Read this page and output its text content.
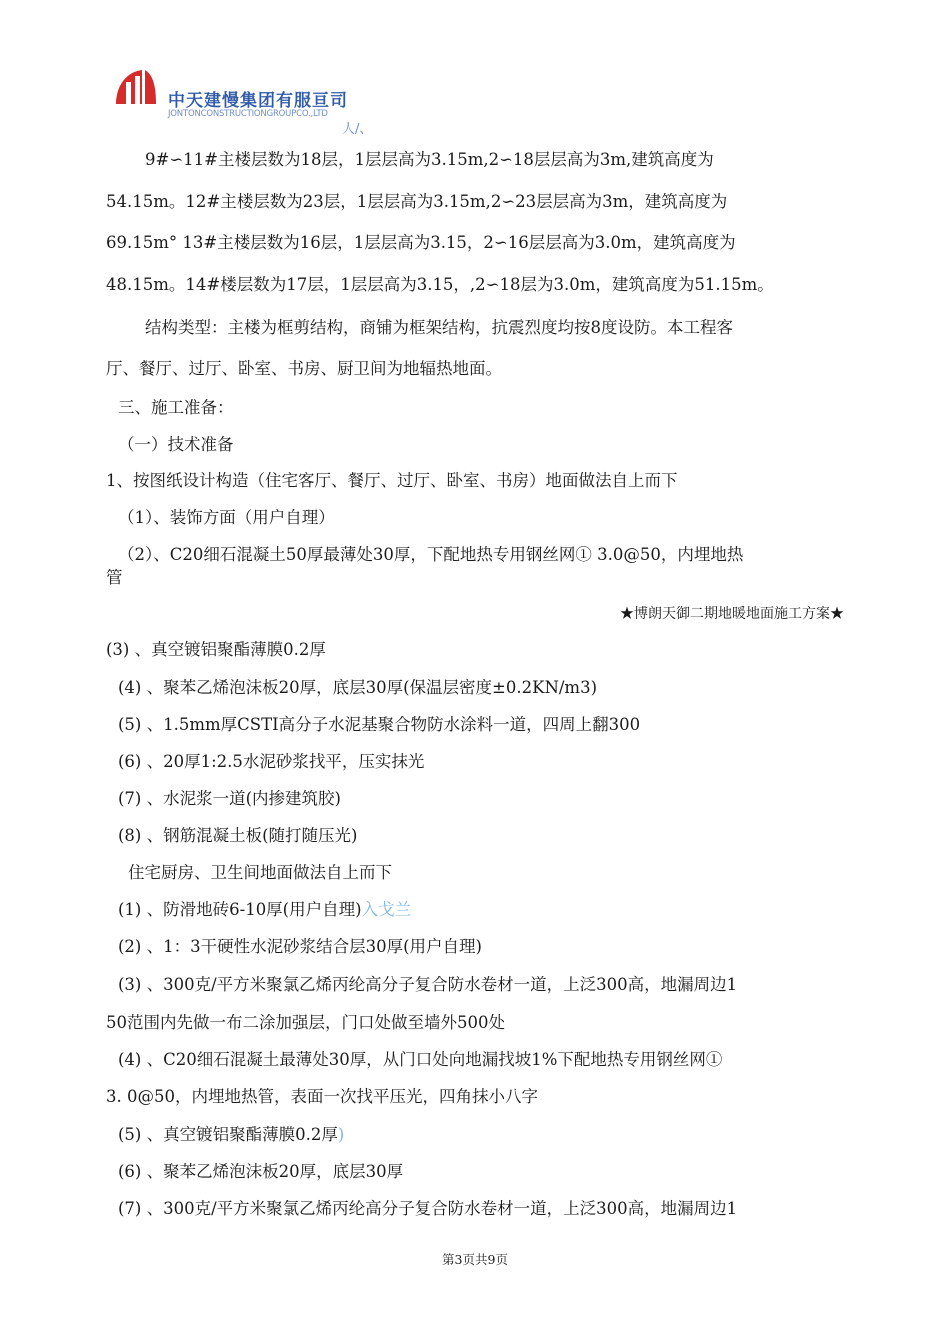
中天建慢集团有服亘司
JONTONCONSTRUCTIONGROUPCO.,LTD
人/、
9#∽11#主楼层数为18层，1层层高为3.15m,2∽18层层高为3m,建筑高度为
54.15m。12#主楼层数为23层，1层层高为3.15m,2∽23层层高为3m，建筑高度为
69.15m° 13#主楼层数为16层，1层层高为3.15，2∽16层层高为3.0m，建筑高度为
48.15m。14#楼层数为17层，1层层高为3.15，,2∽18层为3.0m，建筑高度为51.15m。
结构类型：主楼为框剪结构，商铺为框架结构，抗震烈度均按8度设防。本工程客
厅、餐厅、过厅、卧室、书房、厨卫间为地辐热地面。
三、施工准备：
（一）技术准备
1、按图纸设计构造（住宅客厅、餐厅、过厅、卧室、书房）地面做法自上而下
（1）、装饰方面（用户自理）
（2）、C20细石混凝土50厚最薄处30厚，下配地热专用钢丝网① 3.0@50，内埋地热
管
★博朗天御二期地暖地面施工方案★
(3) 、真空镀铝聚酯薄膜0.2厚
(4) 、聚苯乙烯泡沫板20厚，底层30厚(保温层密度±0.2KN/m3)
(5) 、1.5mm厚CSTI高分子水泥基聚合物防水涂料一道，四周上翻300
(6) 、20厚1:2.5水泥砂浆找平，压实抹光
(7) 、水泥浆一道(内掺建筑胶)
(8) 、钢筋混凝土板(随打随压光)
住宅厨房、卫生间地面做法自上而下
(1) 、防滑地砖6-10厚(用户自理)入戈兰
(2) 、1：3干硬性水泥砂浆结合层30厚(用户自理)
(3) 、300克/平方米聚氯乙烯丙纶高分子复合防水卷材一道，上泛300高，地漏周边1
50范围内先做一布二涂加强层，门口处做至墙外500处
(4) 、C20细石混凝土最薄处30厚，从门口处向地漏找坡1%下配地热专用钢丝网①
3. 0@50，内埋地热管，表面一次找平压光，四角抹小八字
(5) 、真空镀铝聚酯薄膜0.2厚)
(6) 、聚苯乙烯泡沫板20厚，底层30厚
(7) 、300克/平方米聚氯乙烯丙纶高分子复合防水卷材一道，上泛300高，地漏周边1
第3页共9页
